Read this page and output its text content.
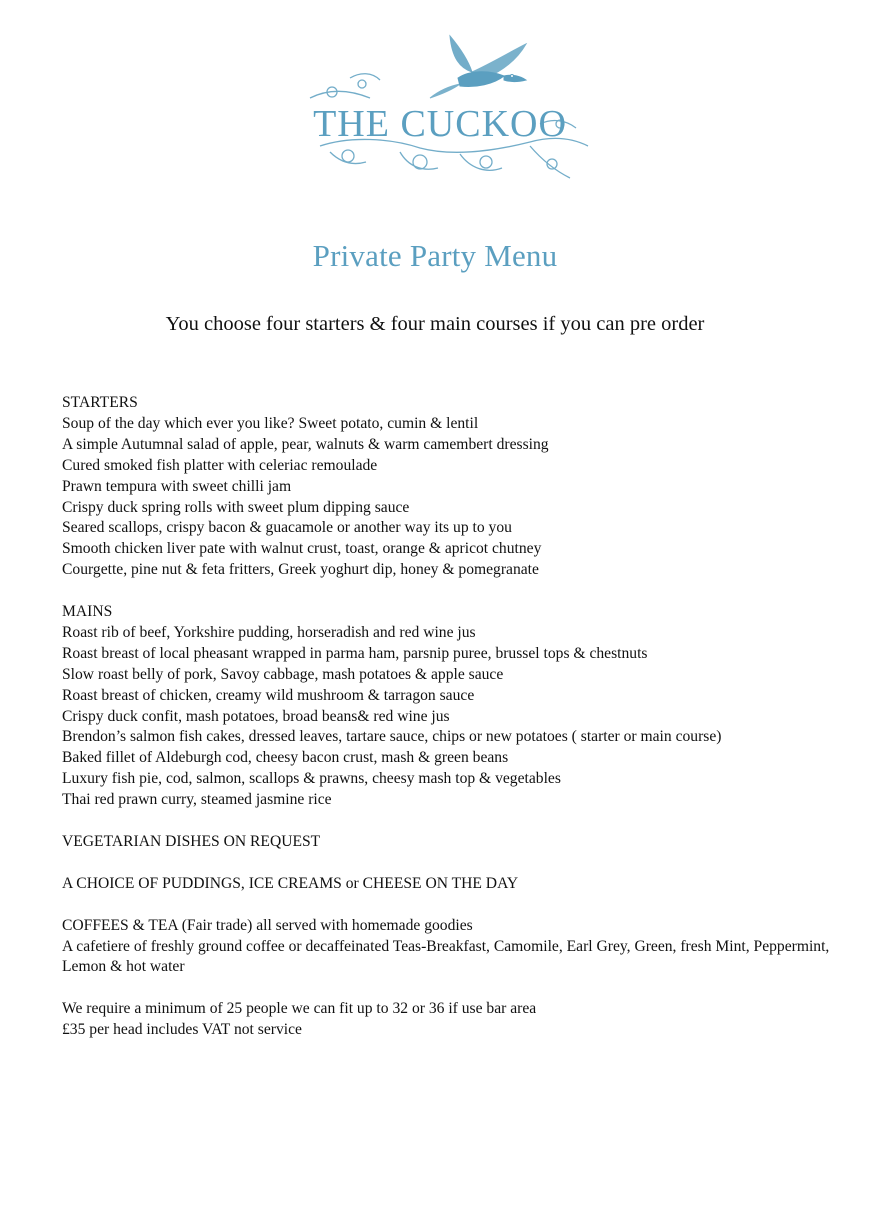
THE CUCKOO
Private Party Menu
You choose four starters & four main courses if you can pre order
STARTERS
Soup of the day which ever you like? Sweet potato, cumin & lentil
A simple Autumnal salad of apple, pear, walnuts & warm camembert dressing
Cured smoked fish platter with celeriac remoulade
Prawn tempura with sweet chilli jam
Crispy duck spring rolls with sweet plum dipping sauce
Seared scallops, crispy bacon & guacamole or another way its up to you
Smooth chicken liver pate with walnut crust, toast, orange & apricot chutney
Courgette, pine nut & feta fritters, Greek yoghurt dip, honey & pomegranate
MAINS
Roast rib of beef, Yorkshire pudding, horseradish and red wine jus
Roast breast of local pheasant wrapped in parma ham, parsnip puree, brussel tops & chestnuts
Slow roast belly of pork, Savoy cabbage, mash potatoes & apple sauce
Roast breast of chicken, creamy wild mushroom & tarragon sauce
Crispy duck confit, mash potatoes, broad beans& red wine jus
Brendon’s salmon fish cakes, dressed leaves, tartare sauce, chips or new potatoes ( starter or main course)
Baked fillet of Aldeburgh cod, cheesy bacon crust, mash & green beans
Luxury fish pie, cod, salmon, scallops & prawns, cheesy mash top & vegetables
Thai red prawn curry, steamed jasmine rice
VEGETARIAN DISHES ON REQUEST
A CHOICE OF PUDDINGS, ICE CREAMS or CHEESE ON THE DAY
COFFEES & TEA (Fair trade) all served with homemade goodies
A cafetiere of freshly ground coffee or decaffeinated Teas-Breakfast, Camomile, Earl Grey, Green, fresh Mint, Peppermint, Lemon & hot water
We require a minimum of 25 people we can fit up to 32 or 36 if use bar area
£35 per head includes VAT not service
